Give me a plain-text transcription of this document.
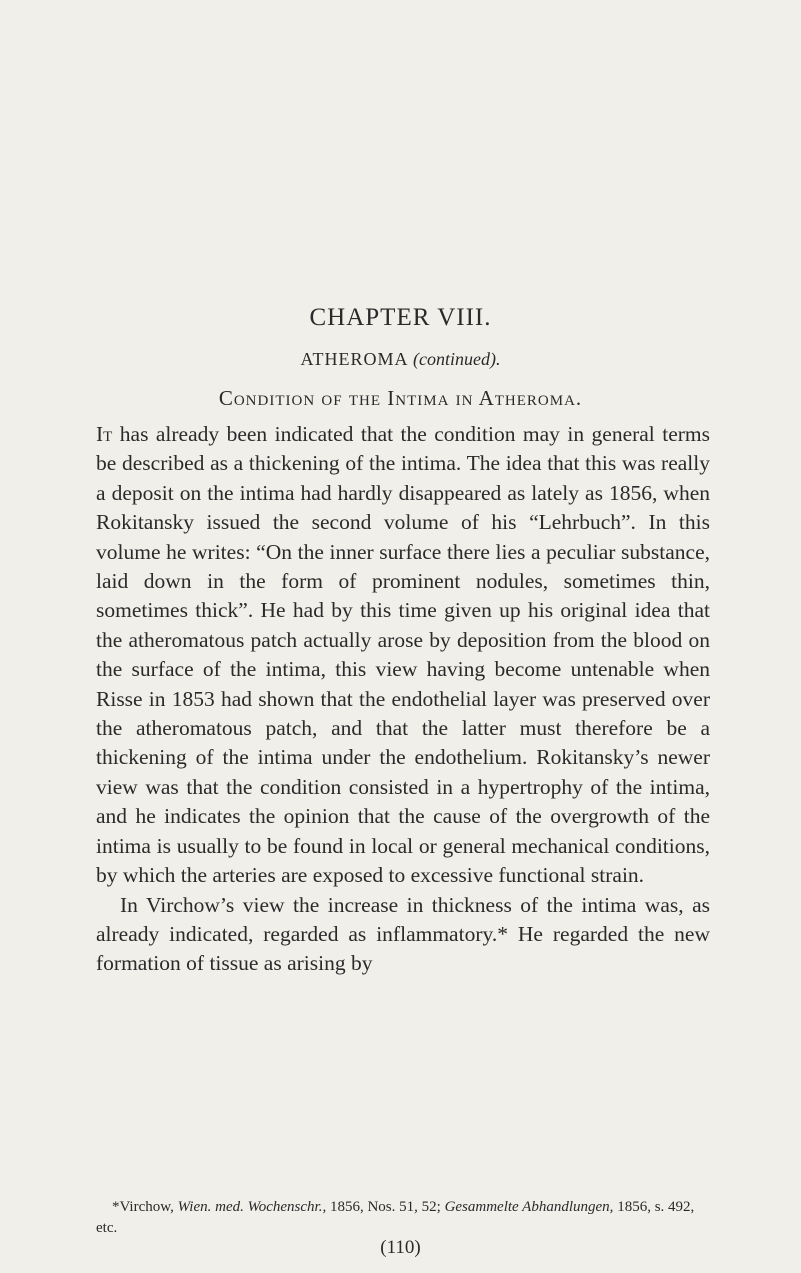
CHAPTER VIII.
ATHEROMA (continued).
Condition of the Intima in Atheroma.

It has already been indicated that the condition may in general terms be described as a thickening of the intima. The idea that this was really a deposit on the intima had hardly disappeared as lately as 1856, when Rokitansky issued the second volume of his “Lehrbuch”. In this volume he writes: “On the inner surface there lies a peculiar substance, laid down in the form of prominent nodules, sometimes thin, sometimes thick”. He had by this time given up his original idea that the atheromatous patch actually arose by deposition from the blood on the surface of the intima, this view having become untenable when Risse in 1853 had shown that the endothelial layer was preserved over the atheromatous patch, and that the latter must therefore be a thickening of the intima under the endothelium. Rokitansky’s newer view was that the condition consisted in a hypertrophy of the intima, and he indicates the opinion that the cause of the overgrowth of the intima is usually to be found in local or general mechanical conditions, by which the arteries are exposed to excessive functional strain.

In Virchow’s view the increase in thickness of the intima was, as already indicated, regarded as inflammatory.* He regarded the new formation of tissue as arising by

*Virchow, Wien. med. Wochenschr., 1856, Nos. 51, 52; Gesammelte Abhandlungen, 1856, s. 492, etc.
(110)
